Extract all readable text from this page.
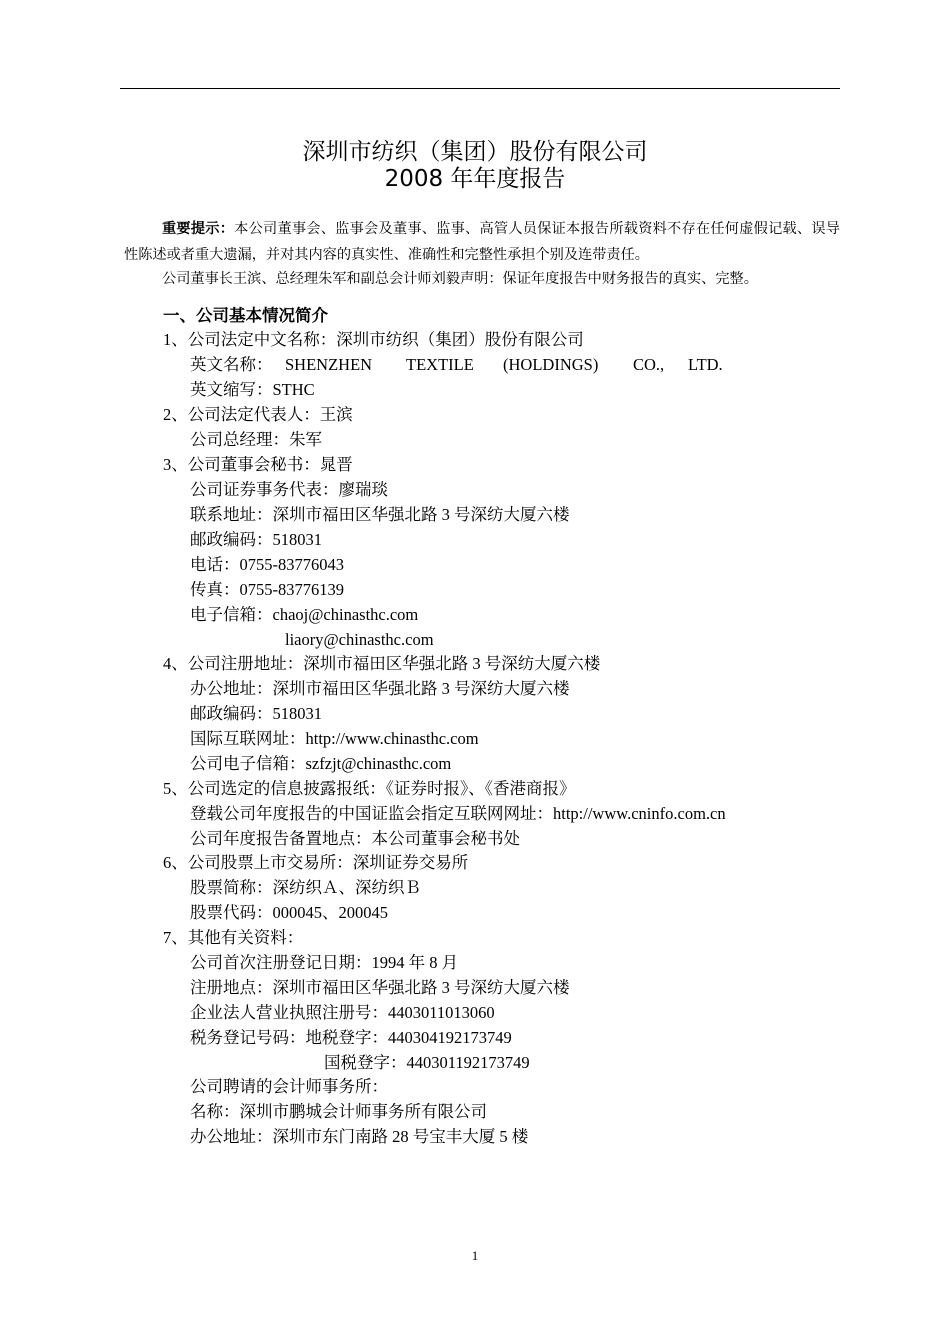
深圳市纺织（集团）股份有限公司
2008 年年度报告
重要提示：本公司董事会、监事会及董事、监事、高管人员保证本报告所载资料不存在任何虚假记载、误导性陈述或者重大遗漏，并对其内容的真实性、准确性和完整性承担个别及连带责任。
公司董事长王滨、总经理朱军和副总会计师刘毅声明：保证年度报告中财务报告的真实、完整。
一、公司基本情况简介
1、公司法定中文名称：深圳市纺织（集团）股份有限公司
英文名称： SHENZHEN TEXTILE (HOLDINGS) CO., LTD.
英文缩写：STHC
2、公司法定代表人：王滨
公司总经理：朱军
3、公司董事会秘书：晁晋
公司证券事务代表：廖瑞琰
联系地址：深圳市福田区华强北路 3 号深纺大厦六楼
邮政编码：518031
电话：0755-83776043
传真：0755-83776139
电子信箱：chaoj@chinasthc.com
liaory@chinasthc.com
4、公司注册地址：深圳市福田区华强北路 3 号深纺大厦六楼
办公地址：深圳市福田区华强北路 3 号深纺大厦六楼
邮政编码：518031
国际互联网址：http://www.chinasthc.com
公司电子信箱：szfzjt@chinasthc.com
5、公司选定的信息披露报纸：《证券时报》、《香港商报》
登载公司年度报告的中国证监会指定互联网网址：http://www.cninfo.com.cn
公司年度报告备置地点：本公司董事会秘书处
6、公司股票上市交易所：深圳证券交易所
股票简称：深纺织Ａ、深纺织Ｂ
股票代码：000045、200045
7、其他有关资料：
公司首次注册登记日期：1994 年 8 月
注册地点：深圳市福田区华强北路 3 号深纺大厦六楼
企业法人营业执照注册号：4403011013060
税务登记号码：地税登字：440304192173749
国税登字：440301192173749
公司聘请的会计师事务所：
名称：深圳市鹏城会计师事务所有限公司
办公地址：深圳市东门南路 28 号宝丰大厦 5 楼
1
